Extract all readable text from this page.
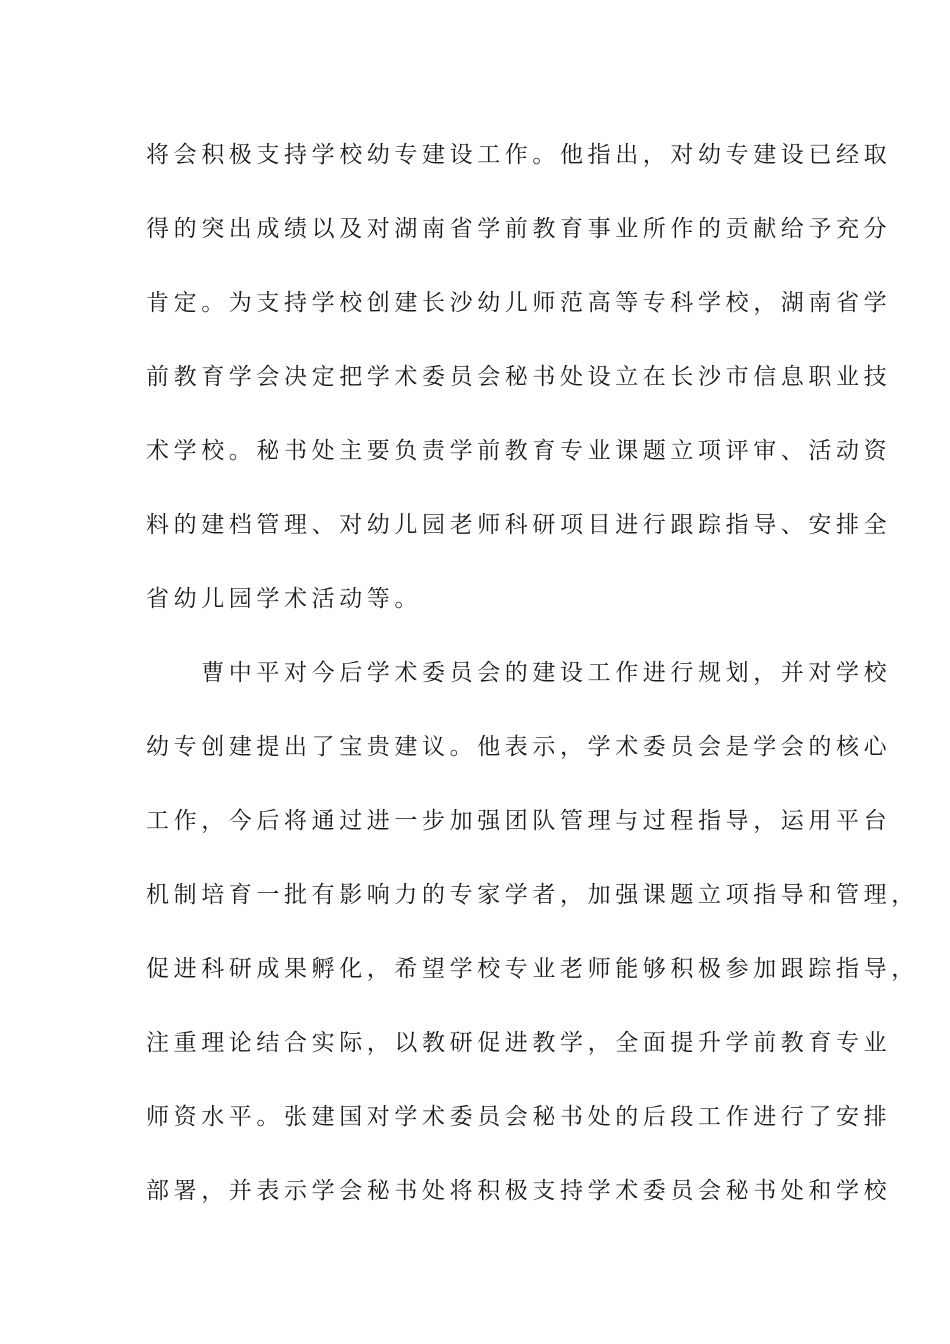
将会积极支持学校幼专建设工作。他指出，对幼专建设已经取
得的突出成绩以及对湖南省学前教育事业所作的贡献给予充分
肯定。为支持学校创建长沙幼儿师范高等专科学校，湖南省学
前教育学会决定把学术委员会秘书处设立在长沙市信息职业技
术学校。秘书处主要负责学前教育专业课题立项评审、活动资
料的建档管理、对幼儿园老师科研项目进行跟踪指导、安排全
省幼儿园学术活动等。
　　曹中平对今后学术委员会的建设工作进行规划，并对学校
幼专创建提出了宝贵建议。他表示，学术委员会是学会的核心
工作，今后将通过进一步加强团队管理与过程指导，运用平台
机制培育一批有影响力的专家学者，加强课题立项指导和管理，
促进科研成果孵化，希望学校专业老师能够积极参加跟踪指导，
注重理论结合实际，以教研促进教学，全面提升学前教育专业
师资水平。张建国对学术委员会秘书处的后段工作进行了安排
部署，并表示学会秘书处将积极支持学术委员会秘书处和学校
